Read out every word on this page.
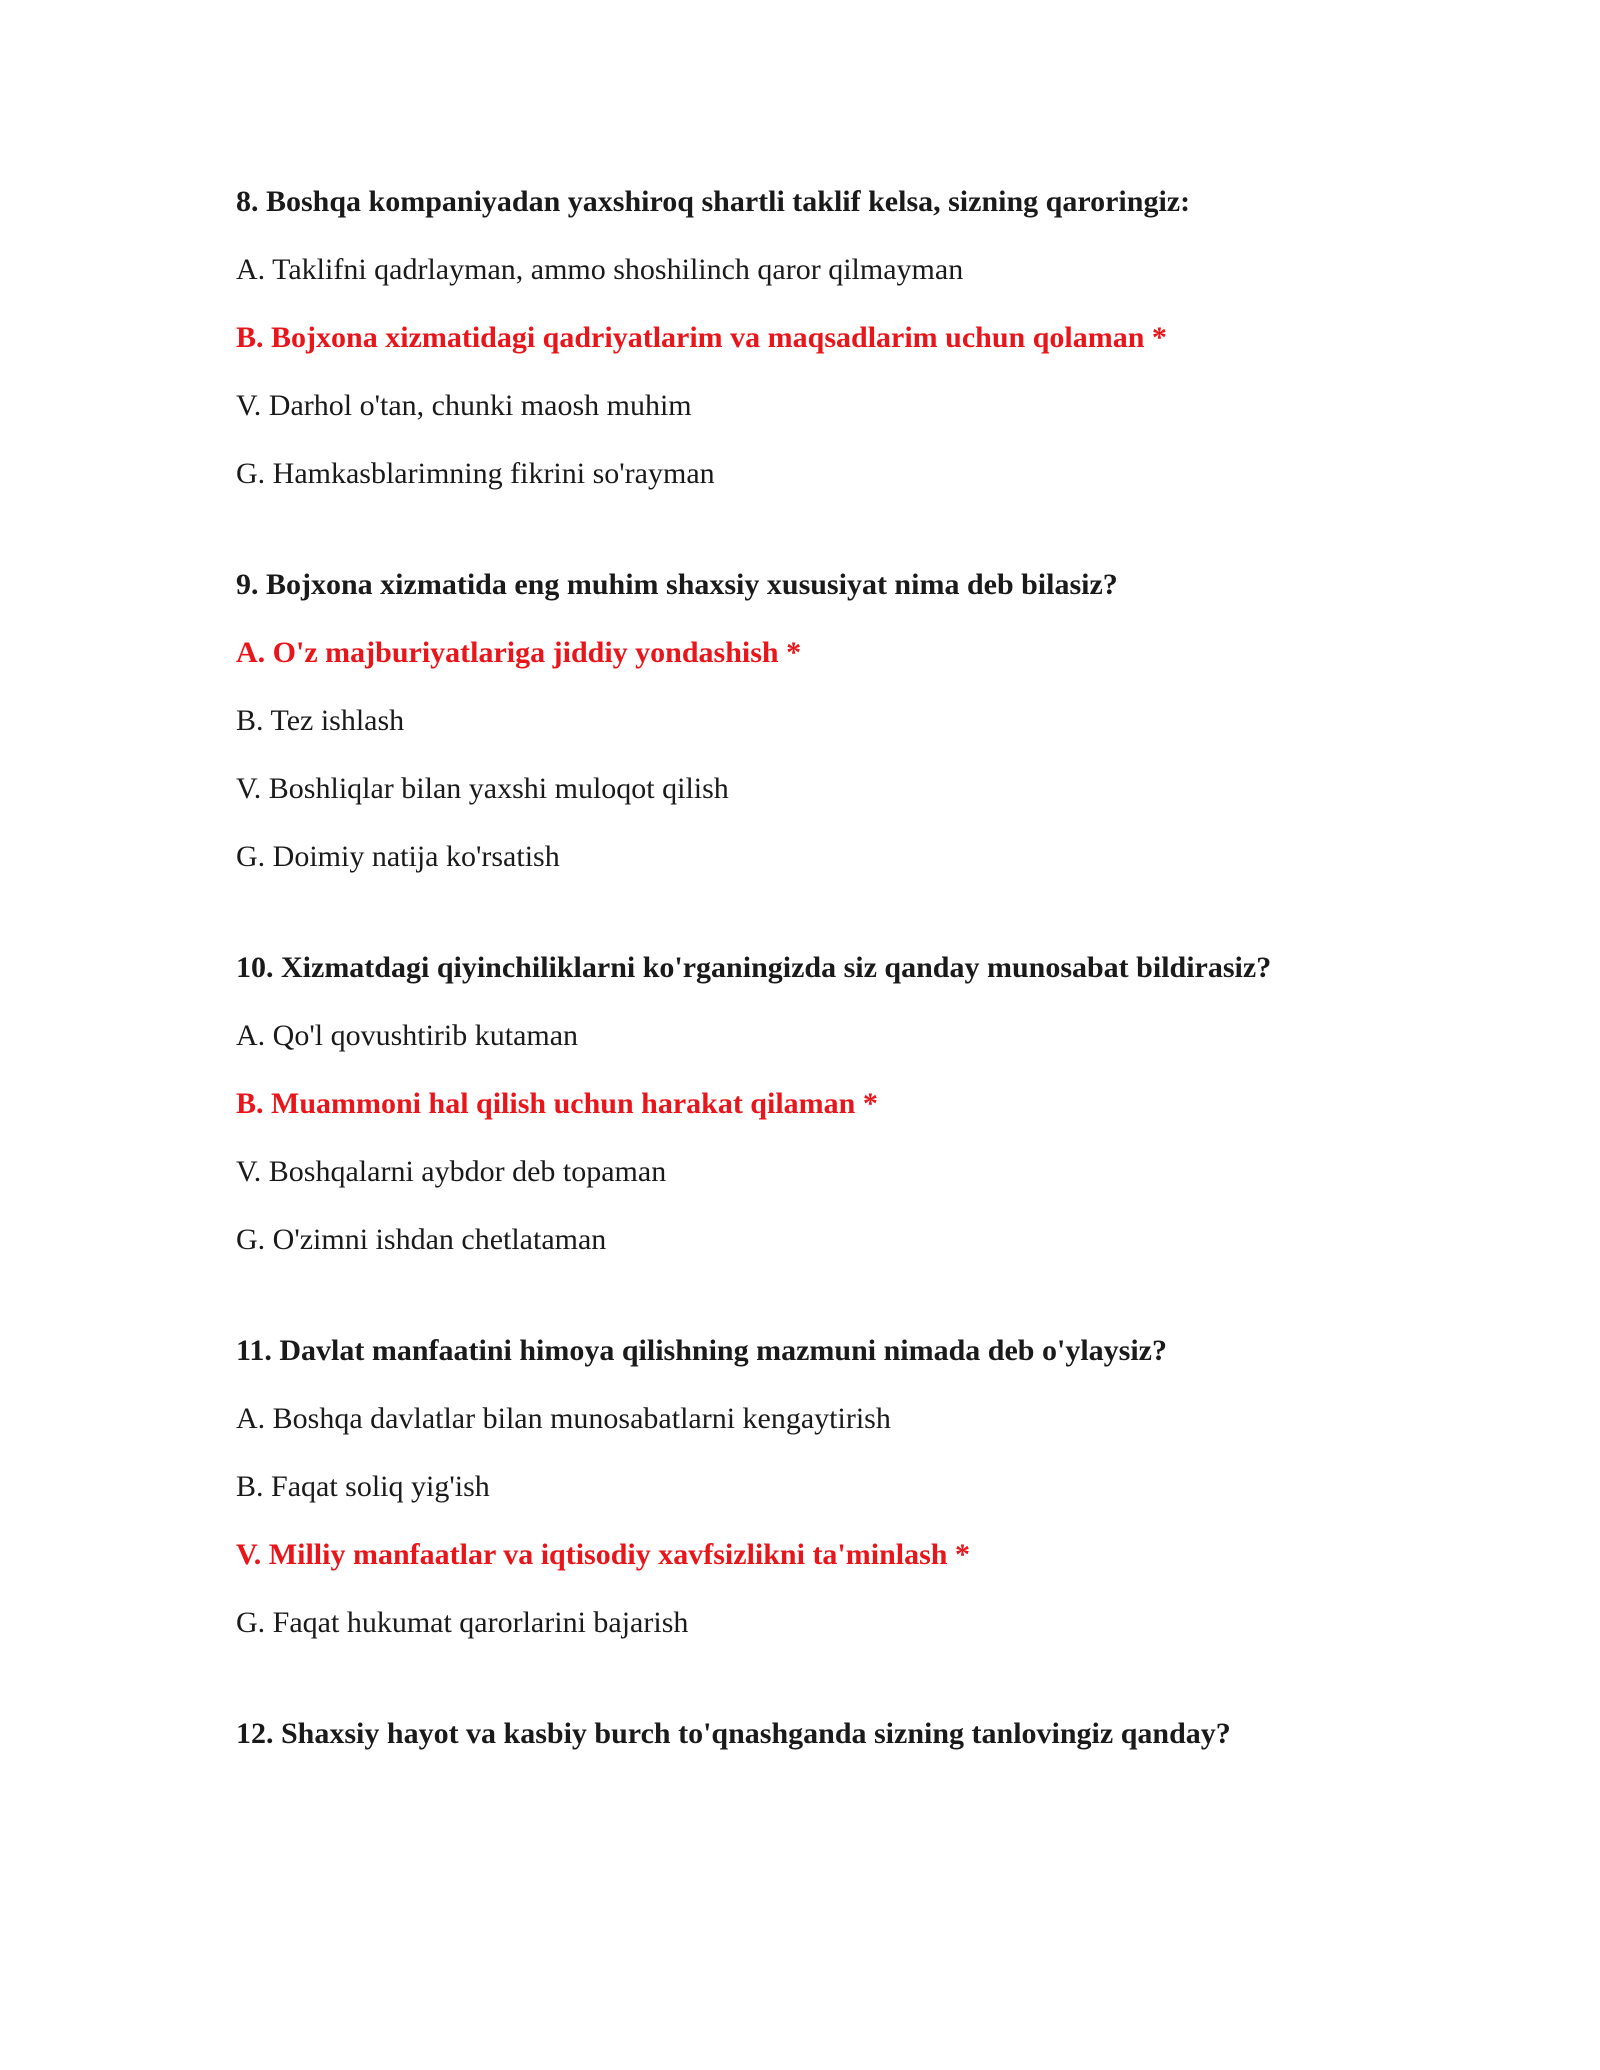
8. Boshqa kompaniyadan yaxshiroq shartli taklif kelsa, sizning qaroringiz:
A. Taklifni qadrlayman, ammo shoshilinch qaror qilmayman
B. Bojxona xizmatidagi qadriyatlarim va maqsadlarim uchun qolaman *
V. Darhol o'tan, chunki maosh muhim
G. Hamkasblarimning fikrini so'rayman
9. Bojxona xizmatida eng muhim shaxsiy xususiyat nima deb bilasiz?
A. O'z majburiyatlariga jiddiy yondashish *
B. Tez ishlash
V. Boshliqlar bilan yaxshi muloqot qilish
G. Doimiy natija ko'rsatish
10. Xizmatdagi qiyinchiliklarni ko'rganingizda siz qanday munosabat bildirasiz?
A. Qo'l qovushtirib kutaman
B. Muammoni hal qilish uchun harakat qilaman *
V. Boshqalarni aybdor deb topaman
G. O'zimni ishdan chetlataman
11. Davlat manfaatini himoya qilishning mazmuni nimada deb o'ylaysiz?
A. Boshqa davlatlar bilan munosabatlarni kengaytirish
B. Faqat soliq yig'ish
V. Milliy manfaatlar va iqtisodiy xavfsizlikni ta'minlash *
G. Faqat hukumat qarorlarini bajarish
12. Shaxsiy hayot va kasbiy burch to'qnashganda sizning tanlovingiz qanday?
